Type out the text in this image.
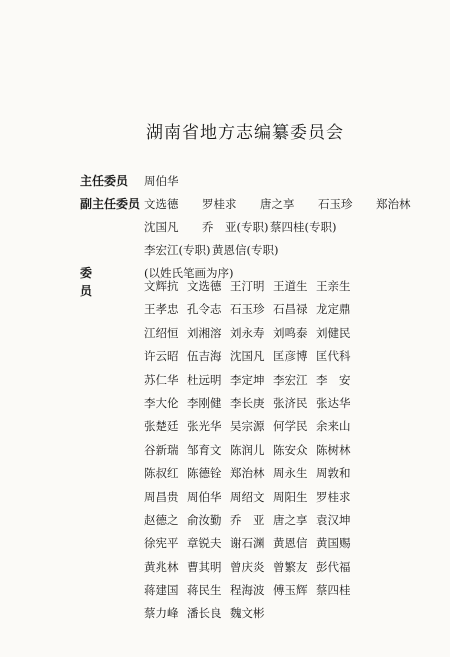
湖南省地方志编纂委员会
主任委员	周伯华
副主任委员 文选德	罗桂求	唐之享	石玉珍	郑治林
沈国凡	乔　亚(专职) 蔡四桂(专职)
李宏江(专职) 黄恩信(专职)
委　员
(以姓氏笔画为序)
文辉抗 文选德 王汀明 王道生 王亲生
王孝忠 孔令志 石玉珍 石昌禄 龙定鼎
江绍恒 刘湘溶 刘永寿 刘鸣泰 刘健民
许云昭 伍吉海 沈国凡 匡彦博 匡代科
苏仁华 杜远明 李定坤 李宏江 李　安
李大伦 李刚健 李长庚 张济民 张达华
张楚廷 张光华 吴宗源 何学民 余来山
谷新瑞 邹育文 陈润儿 陈安众 陈树林
陈叔红 陈德铨 郑治林 周永生 周敦和
周昌贵 周伯华 周绍文 周阳生 罗桂求
赵德之 俞汝勤 乔　亚 唐之享 袁汉坤
徐宪平 章锐夫 谢石渊 黄恩信 黄国赐
黄兆林 曹其明 曾庆炎 曾繁友 彭代福
蒋建国 蒋民生 程海波 傅玉辉 蔡四桂
蔡力峰 潘长良 魏文彬
